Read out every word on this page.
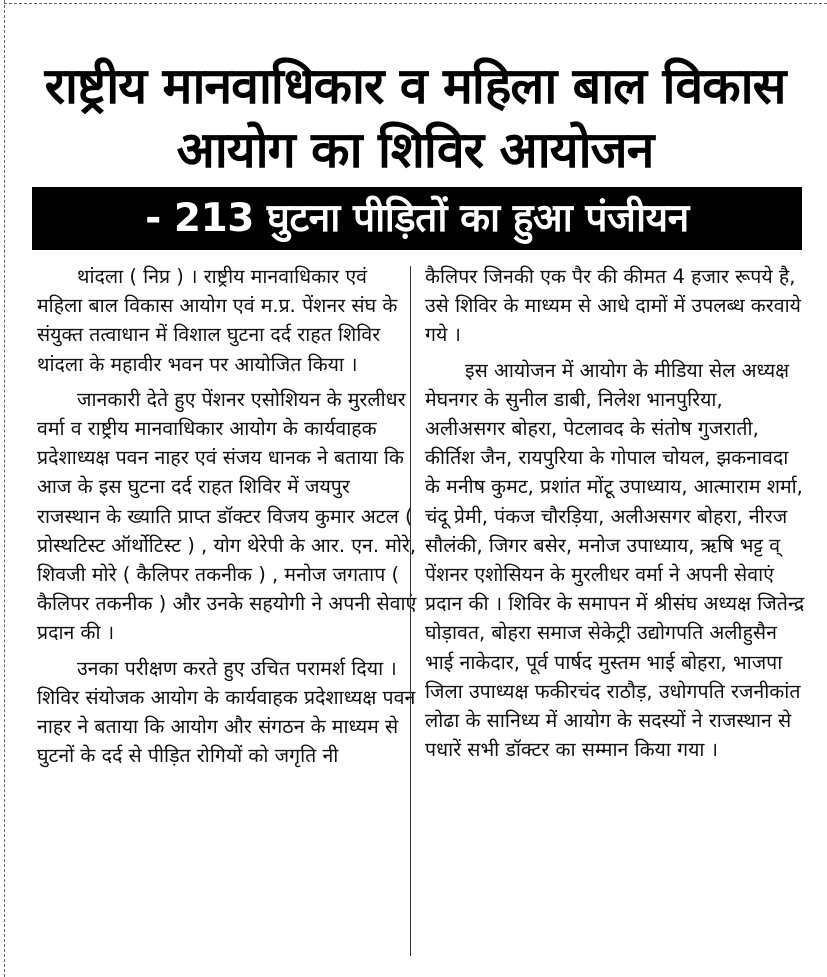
राष्ट्रीय मानवाधिकार व महिला बाल विकास आयोग का शिविर आयोजन
- 213 घुटना पीड़ितों का हुआ पंजीयन

थांदला ( निप्र ) । राष्ट्रीय मानवाधिकार एवं महिला बाल विकास आयोग एवं म.प्र. पेंशनर संघ के संयुक्त तत्वाधान में विशाल घुटना दर्द राहत शिविर थांदला के महावीर भवन पर आयोजित किया ।

जानकारी देते हुए पेंशनर एसोशियन के मुरलीधर वर्मा व राष्ट्रीय मानवाधिकार आयोग के कार्यवाहक प्रदेशाध्यक्ष पवन नाहर एवं संजय धानक ने बताया कि आज के इस घुटना दर्द राहत शिविर में जयपुर राजस्थान के ख्याति प्राप्त डॉक्टर विजय कुमार अटल ( प्रोस्थटिस्ट ऑर्थोटिस्ट ) , योग थेरेपी के आर. एन. मोरे, शिवजी मोरे ( कैलिपर तकनीक ) , मनोज जगताप ( कैलिपर तकनीक ) और उनके सहयोगी ने अपनी सेवाएं प्रदान की ।

उनका परीक्षण करते हुए उचित परामर्श दिया । शिविर संयोजक आयोग के कार्यवाहक प्रदेशाध्यक्ष पवन नाहर ने बताया कि आयोग और संगठन के माध्यम से घुटनों के दर्द से पीड़ित रोगियों को जगृति नी

कैलिपर जिनकी एक पैर की कीमत 4 हजार रूपये है, उसे शिविर के माध्यम से आधे दामों में उपलब्ध करवाये गये ।

इस आयोजन में आयोग के मीडिया सेल अध्यक्ष मेघनगर के सुनील डाबी, निलेश भानपुरिया, अलीअसगर बोहरा, पेटलावद के संतोष गुजराती, कीर्तिश जैन, रायपुरिया के गोपाल चोयल, झकनावदा के मनीष कुमट, प्रशांत मोंटू उपाध्याय, आत्माराम शर्मा, चंदू प्रेमी, पंकज चौरड़िया, अलीअसगर बोहरा, नीरज सौलंकी, जिगर बसेर, मनोज उपाध्याय, ऋषि भट्ट व् पेंशनर एशोसियन के मुरलीधर वर्मा ने अपनी सेवाएं प्रदान की । शिविर के समापन में श्रीसंघ अध्यक्ष जितेन्द्र घोड़ावत, बोहरा समाज सेकेट्री उद्योगपति अलीहुसैन भाई नाकेदार, पूर्व पार्षद मुस्तम भाई बोहरा, भाजपा जिला उपाध्यक्ष फकीरचंद राठौड़, उधोगपति रजनीकांत लोढा के सानिध्य में आयोग के सदस्यों ने राजस्थान से पधारें सभी डॉक्टर का सम्मान किया गया ।
